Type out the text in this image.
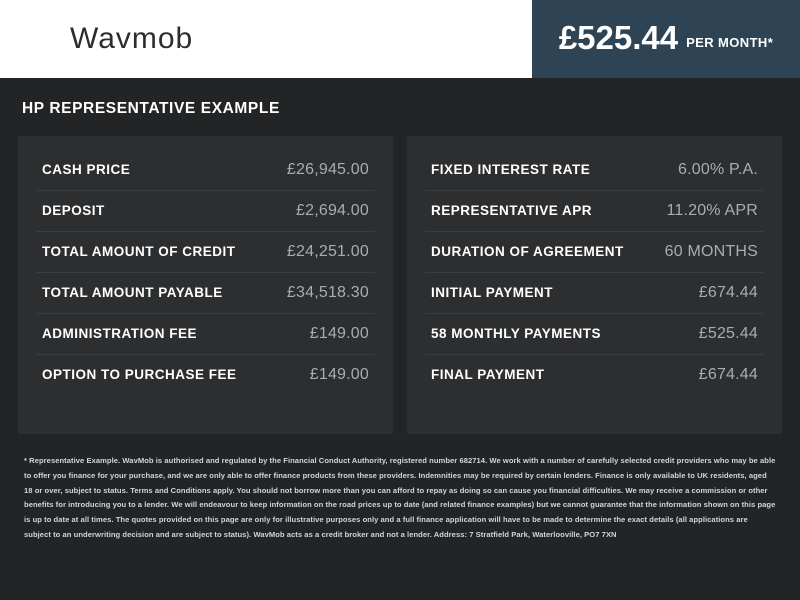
Wavmob	£525.44 PER MONTH*
HP REPRESENTATIVE EXAMPLE
CASH PRICE	£26,945.00
DEPOSIT	£2,694.00
TOTAL AMOUNT OF CREDIT	£24,251.00
TOTAL AMOUNT PAYABLE	£34,518.30
ADMINISTRATION FEE	£149.00
OPTION TO PURCHASE FEE	£149.00
FIXED INTEREST RATE	6.00% P.A.
REPRESENTATIVE APR	11.20% APR
DURATION OF AGREEMENT	60 MONTHS
INITIAL PAYMENT	£674.44
58 MONTHLY PAYMENTS	£525.44
FINAL PAYMENT	£674.44
* Representative Example. WavMob is authorised and regulated by the Financial Conduct Authority, registered number 682714. We work with a number of carefully selected credit providers who may be able to offer you finance for your purchase, and we are only able to offer finance products from these providers. Indemnities may be required by certain lenders. Finance is only available to UK residents, aged 18 or over, subject to status. Terms and Conditions apply. You should not borrow more than you can afford to repay as doing so can cause you financial difficulties. We may receive a commission or other benefits for introducing you to a lender. We will endeavour to keep information on the road prices up to date (and related finance examples) but we cannot guarantee that the information shown on this page is up to date at all times. The quotes provided on this page are only for illustrative purposes only and a full finance application will have to be made to determine the exact details (all applications are subject to an underwriting decision and are subject to status). WavMob acts as a credit broker and not a lender. Address: 7 Stratfield Park, Waterlooville, PO7 7XN
